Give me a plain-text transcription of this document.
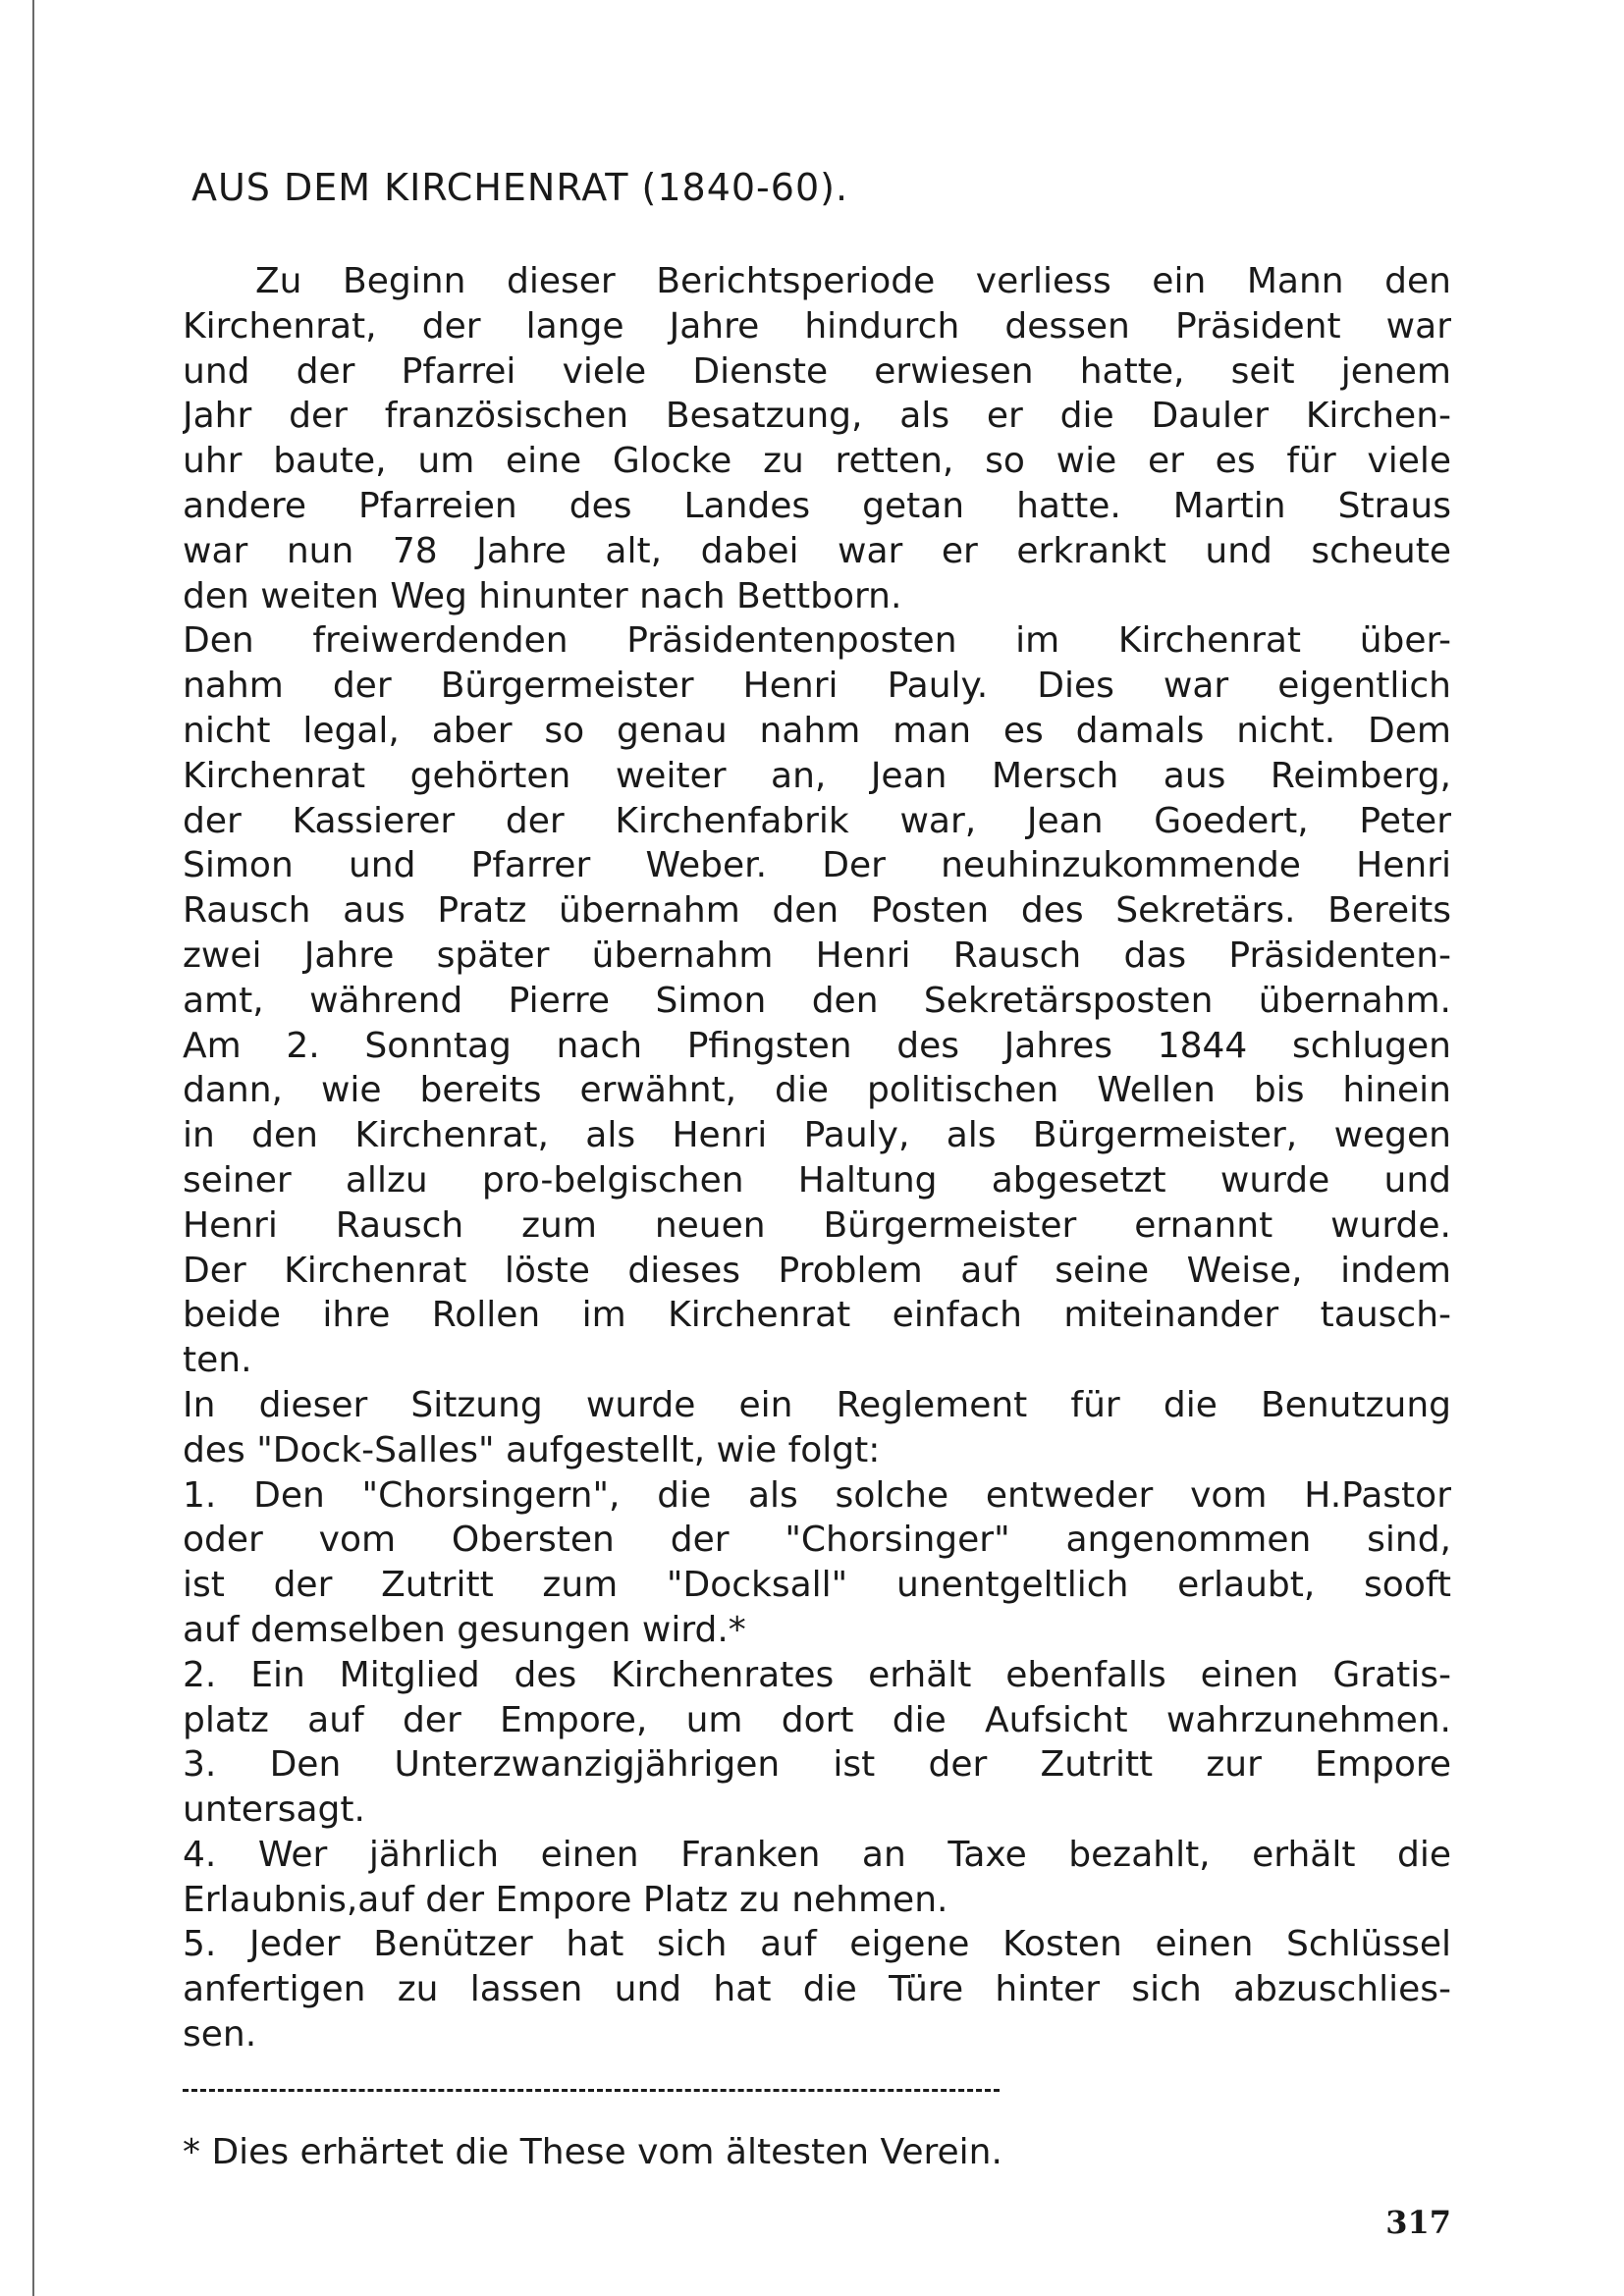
AUS DEM KIRCHENRAT (1840-60).
Zu Beginn dieser Berichtsperiode verliess ein Mann den
Kirchenrat, der lange Jahre hindurch dessen Präsident war
und der Pfarrei viele Dienste erwiesen hatte, seit jenem
Jahr der französischen Besatzung, als er die Dauler Kirchen-
uhr baute, um eine Glocke zu retten, so wie er es für viele
andere Pfarreien des Landes getan hatte. Martin Straus
war nun 78 Jahre alt, dabei war er erkrankt und scheute
den weiten Weg hinunter nach Bettborn.
Den freiwerdenden Präsidentenposten im Kirchenrat über-
nahm der Bürgermeister Henri Pauly. Dies war eigentlich
nicht legal, aber so genau nahm man es damals nicht. Dem
Kirchenrat gehörten weiter an, Jean Mersch aus Reimberg,
der Kassierer der Kirchenfabrik war, Jean Goedert, Peter
Simon und Pfarrer Weber. Der neuhinzukommende Henri
Rausch aus Pratz übernahm den Posten des Sekretärs. Bereits
zwei Jahre später übernahm Henri Rausch das Präsidenten-
amt, während Pierre Simon den Sekretärsposten übernahm.
Am 2. Sonntag nach Pfingsten des Jahres 1844 schlugen
dann, wie bereits erwähnt, die politischen Wellen bis hinein
in den Kirchenrat, als Henri Pauly, als Bürgermeister, wegen
seiner allzu pro-belgischen Haltung abgesetzt wurde und
Henri Rausch zum neuen Bürgermeister ernannt wurde.
Der Kirchenrat löste dieses Problem auf seine Weise, indem
beide ihre Rollen im Kirchenrat einfach miteinander tausch-
ten.
In dieser Sitzung wurde ein Reglement für die Benutzung
des "Dock-Salles" aufgestellt, wie folgt:
1. Den "Chorsingern", die als solche entweder vom H.Pastor
oder vom Obersten der "Chorsinger" angenommen sind,
ist der Zutritt zum "Docksall" unentgeltlich erlaubt, sooft
auf demselben gesungen wird.*
2. Ein Mitglied des Kirchenrates erhält ebenfalls einen Gratis-
platz auf der Empore, um dort die Aufsicht wahrzunehmen.
3. Den Unterzwanzigjährigen ist der Zutritt zur Empore
untersagt.
4. Wer jährlich einen Franken an Taxe bezahlt, erhält die
Erlaubnis,auf der Empore Platz zu nehmen.
5. Jeder Benützer hat sich auf eigene Kosten einen Schlüssel
anfertigen zu lassen und hat die Türe hinter sich abzuschlies-
sen.
* Dies erhärtet die These vom ältesten Verein.
317
